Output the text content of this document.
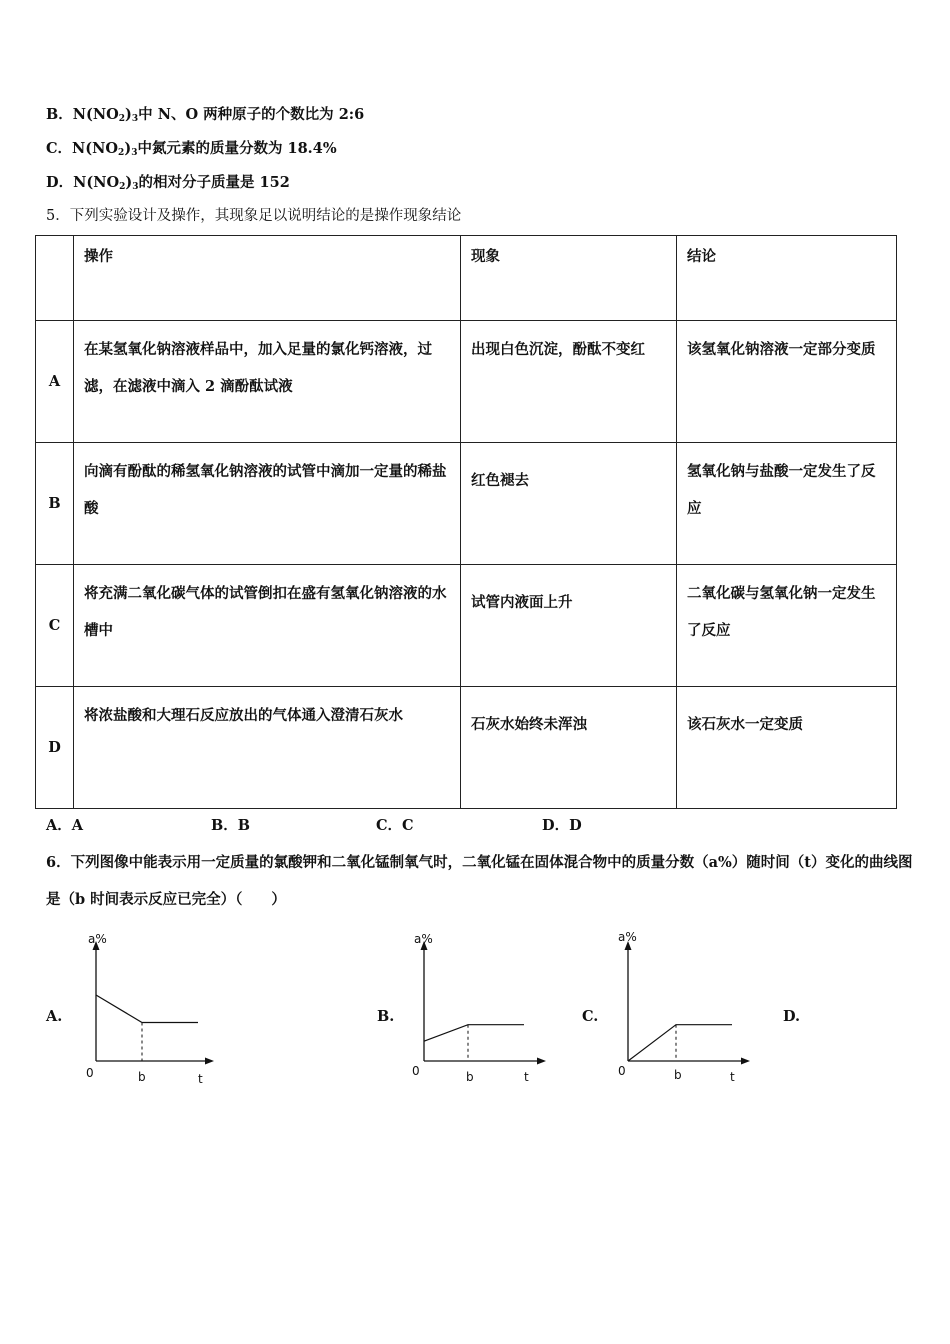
B．$N(NO_2)_3$中 N、O 两种原子的个数比为 2:6
C．$N(NO_2)_3$中氮元素的质量分数为 18.4%
D．$N(NO_2)_3$的相对分子质量是 152
5．下列实验设计及操作，其现象足以说明结论的是操作现象结论
	操作	现象	结论
A	在某氢氧化钠溶液样品中，加入足量的氯化钙溶液，过滤，在滤液中滴入 2 滴酚酞试液	出现白色沉淀，酚酞不变红	该氢氧化钠溶液一定部分变质
B	向滴有酚酞的稀氢氧化钠溶液的试管中滴加一定量的稀盐酸	红色褪去	氢氧化钠与盐酸一定发生了反应
C	将充满二氧化碳气体的试管倒扣在盛有氢氧化钠溶液的水槽中	试管内液面上升	二氧化碳与氢氧化钠一定发生了反应
D	将浓盐酸和大理石反应放出的气体通入澄清石灰水	石灰水始终未浑浊	该石灰水一定变质
A．A	B．B	C．C	D．D
6．下列图像中能表示用一定质量的氯酸钾和二氧化锰制氧气时，二氧化锰在固体混合物中的质量分数（a%）随时间（t）变化的曲线图是（b 时间表示反应已完全）（　　）
A.	B.	C.	D.
a%
0	b	t
a%
0	b	t
a%
0	b	t
